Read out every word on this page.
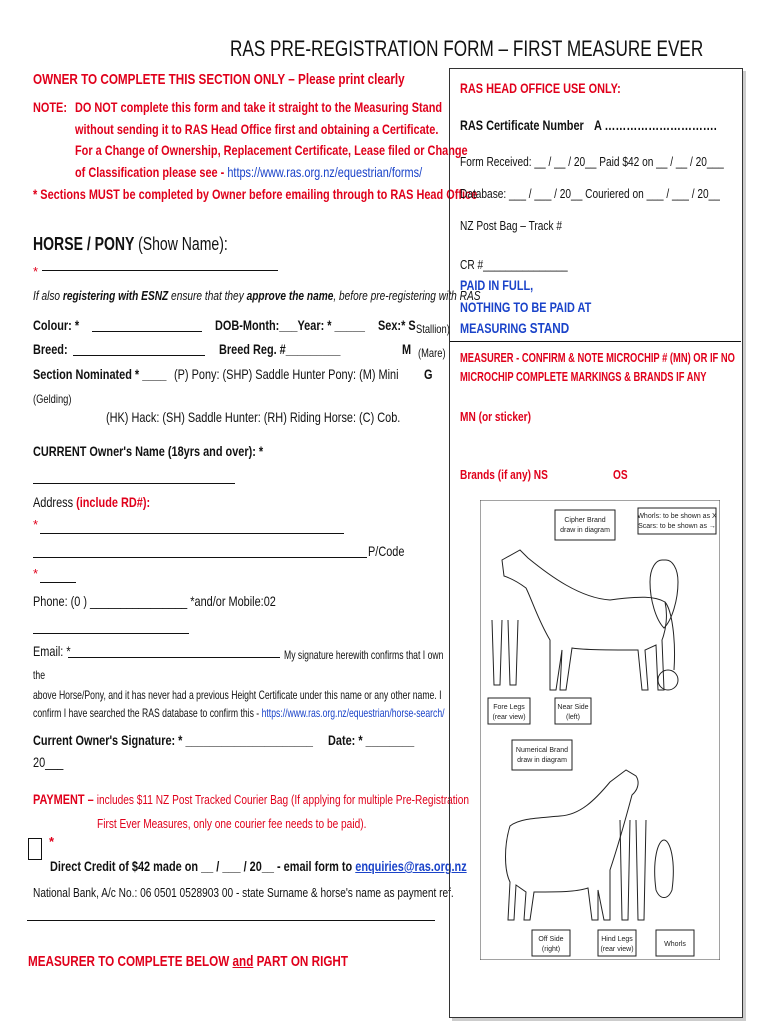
RAS PRE-REGISTRATION FORM – FIRST MEASURE EVER
OWNER TO COMPLETE THIS SECTION ONLY – Please print clearly
NOTE: DO NOT complete this form and take it straight to the Measuring Stand
without sending it to RAS Head Office first and obtaining a Certificate.
For a Change of Ownership, Replacement Certificate, Lease filed or Change
of Classification please see - https://www.ras.org.nz/equestrian/forms/
* Sections MUST be completed by Owner before emailing through to RAS Head Office
HORSE / PONY (Show Name):
*
If also registering with ESNZ ensure that they approve the name, before pre-registering with RAS
Colour: *	DOB-Month:___Year: * _____ Sex:* S Stallion)
Breed:	Breed Reg. #_________	M (Mare)
Section Nominated * ____ (P) Pony: (SHP) Saddle Hunter Pony: (M) Mini	G
(Gelding)
(HK) Hack: (SH) Saddle Hunter: (RH) Riding Horse: (C) Cob.
CURRENT Owner's Name (18yrs and over): *
Address (include RD#):
*
P/Code
*
Phone: (0 ) ________________ *and/or Mobile:02
Email: *	My signature herewith confirms that I own
the
above Horse/Pony, and it has never had a previous Height Certificate under this name or any other name. I
confirm I have searched the RAS database to confirm this - https://www.ras.org.nz/equestrian/horse-search/
Current Owner's Signature: * _____________________	Date: * ________
20___
PAYMENT – includes $11 NZ Post Tracked Courier Bag (If applying for multiple Pre-Registration
First Ever Measures, only one courier fee needs to be paid).
*
Direct Credit of $42 made on __ / ___ / 20__ - email form to enquiries@ras.org.nz
National Bank, A/c No.: 06 0501 0528903 00 - state Surname & horse's name as payment ref.
MEASURER TO COMPLETE BELOW and PART ON RIGHT
RAS HEAD OFFICE USE ONLY:
RAS Certificate Number A ………………………….
Form Received: __ / __ / 20__ Paid $42 on __ / __ / 20___
Database: ___ / ___ / 20__ Couriered on ___ / ___ / 20__
NZ Post Bag – Track #
CR #_______________
PAID IN FULL,
NOTHING TO BE PAID AT
MEASURING STAND
MEASURER - CONFIRM & NOTE MICROCHIP # (MN) OR IF NO
MICROCHIP COMPLETE MARKINGS & BRANDS IF ANY
MN (or sticker)
Brands (if any) NS	OS
Cipher Brand
draw in diagram
Whorls: to be shown as X
Scars: to be shown as →
Fore Legs
(rear view)
Near Side
(left)
Numerical Brand
draw in diagram
Off Side
(right)
Hind Legs
(rear view)
Whorls
